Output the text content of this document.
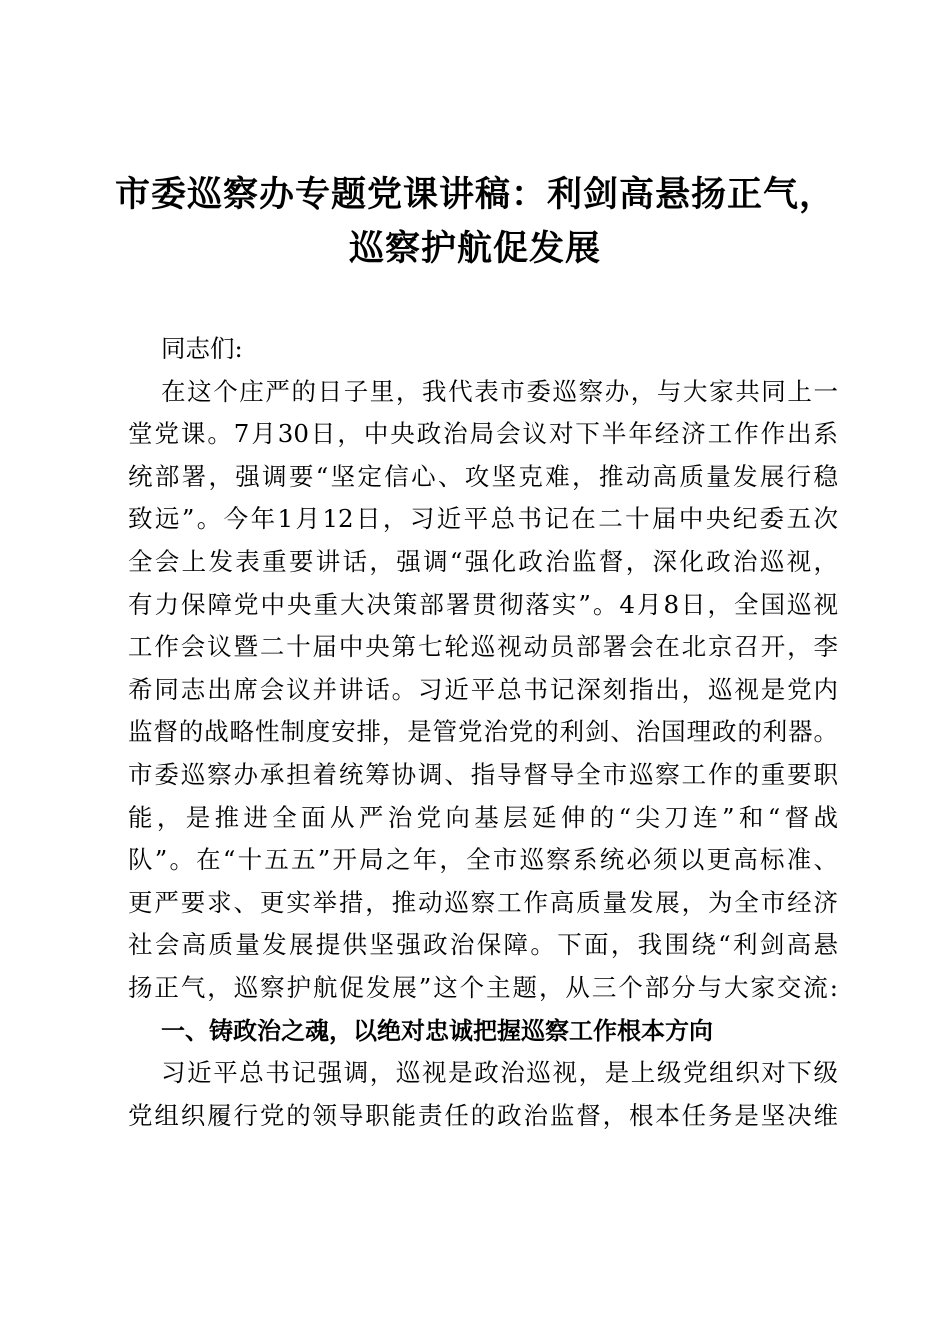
市委巡察办专题党课讲稿：利剑高悬扬正气，
巡察护航促发展
同志们:
在这个庄严的日子里，我代表市委巡察办，与大家共同上一
堂党课。7月30日，中央政治局会议对下半年经济工作作出系
统部署，强调要“坚定信心、攻坚克难，推动高质量发展行稳
致远”。今年1月12日，习近平总书记在二十届中央纪委五次
全会上发表重要讲话，强调“强化政治监督，深化政治巡视，
有力保障党中央重大决策部署贯彻落实”。4月8日，全国巡视
工作会议暨二十届中央第七轮巡视动员部署会在北京召开，李
希同志出席会议并讲话。习近平总书记深刻指出，巡视是党内
监督的战略性制度安排，是管党治党的利剑、治国理政的利器。
市委巡察办承担着统筹协调、指导督导全市巡察工作的重要职
能，是推进全面从严治党向基层延伸的“尖刀连”和“督战
队”。在“十五五”开局之年，全市巡察系统必须以更高标准、
更严要求、更实举措，推动巡察工作高质量发展，为全市经济
社会高质量发展提供坚强政治保障。下面，我围绕“利剑高悬
扬正气，巡察护航促发展”这个主题，从三个部分与大家交流:
一、铸政治之魂，以绝对忠诚把握巡察工作根本方向
习近平总书记强调，巡视是政治巡视，是上级党组织对下级
党组织履行党的领导职能责任的政治监督，根本任务是坚决维
